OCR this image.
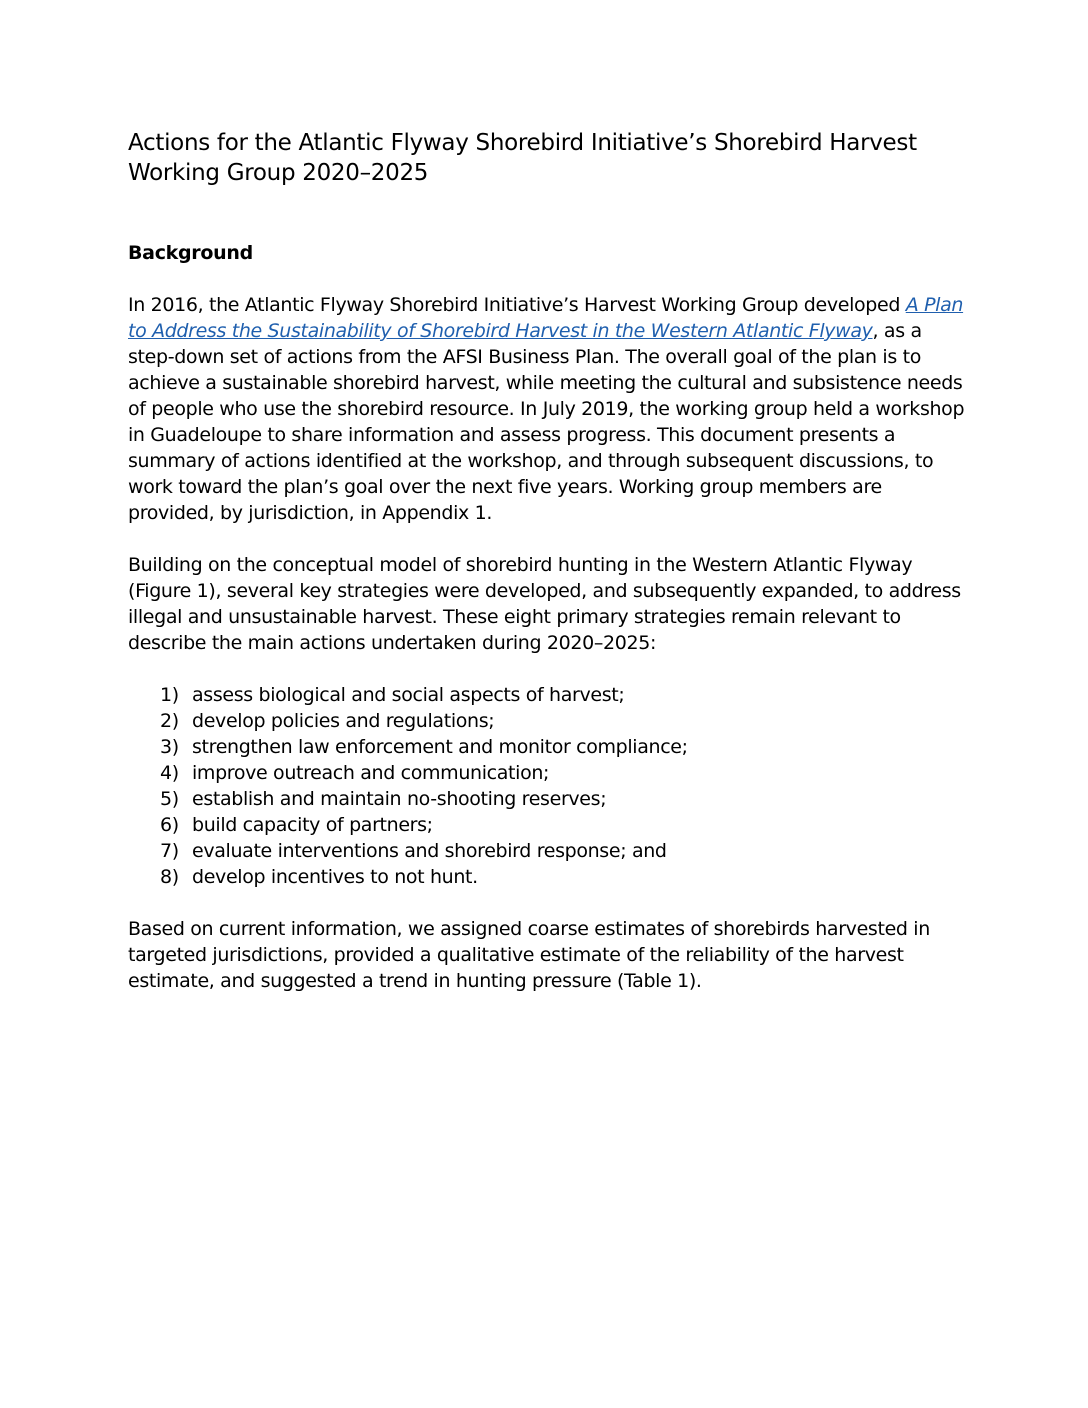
Actions for the Atlantic Flyway Shorebird Initiative’s Shorebird Harvest Working Group 2020–2025
Background

In 2016, the Atlantic Flyway Shorebird Initiative’s Harvest Working Group developed A Plan to Address the Sustainability of Shorebird Harvest in the Western Atlantic Flyway, as a step-down set of actions from the AFSI Business Plan. The overall goal of the plan is to achieve a sustainable shorebird harvest, while meeting the cultural and subsistence needs of people who use the shorebird resource. In July 2019, the working group held a workshop in Guadeloupe to share information and assess progress. This document presents a summary of actions identified at the workshop, and through subsequent discussions, to work toward the plan’s goal over the next five years. Working group members are provided, by jurisdiction, in Appendix 1.

Building on the conceptual model of shorebird hunting in the Western Atlantic Flyway (Figure 1), several key strategies were developed, and subsequently expanded, to address illegal and unsustainable harvest. These eight primary strategies remain relevant to describe the main actions undertaken during 2020–2025:

1) assess biological and social aspects of harvest;
2) develop policies and regulations;
3) strengthen law enforcement and monitor compliance;
4) improve outreach and communication;
5) establish and maintain no-shooting reserves;
6) build capacity of partners;
7) evaluate interventions and shorebird response; and
8) develop incentives to not hunt.

Based on current information, we assigned coarse estimates of shorebirds harvested in targeted jurisdictions, provided a qualitative estimate of the reliability of the harvest estimate, and suggested a trend in hunting pressure (Table 1).
